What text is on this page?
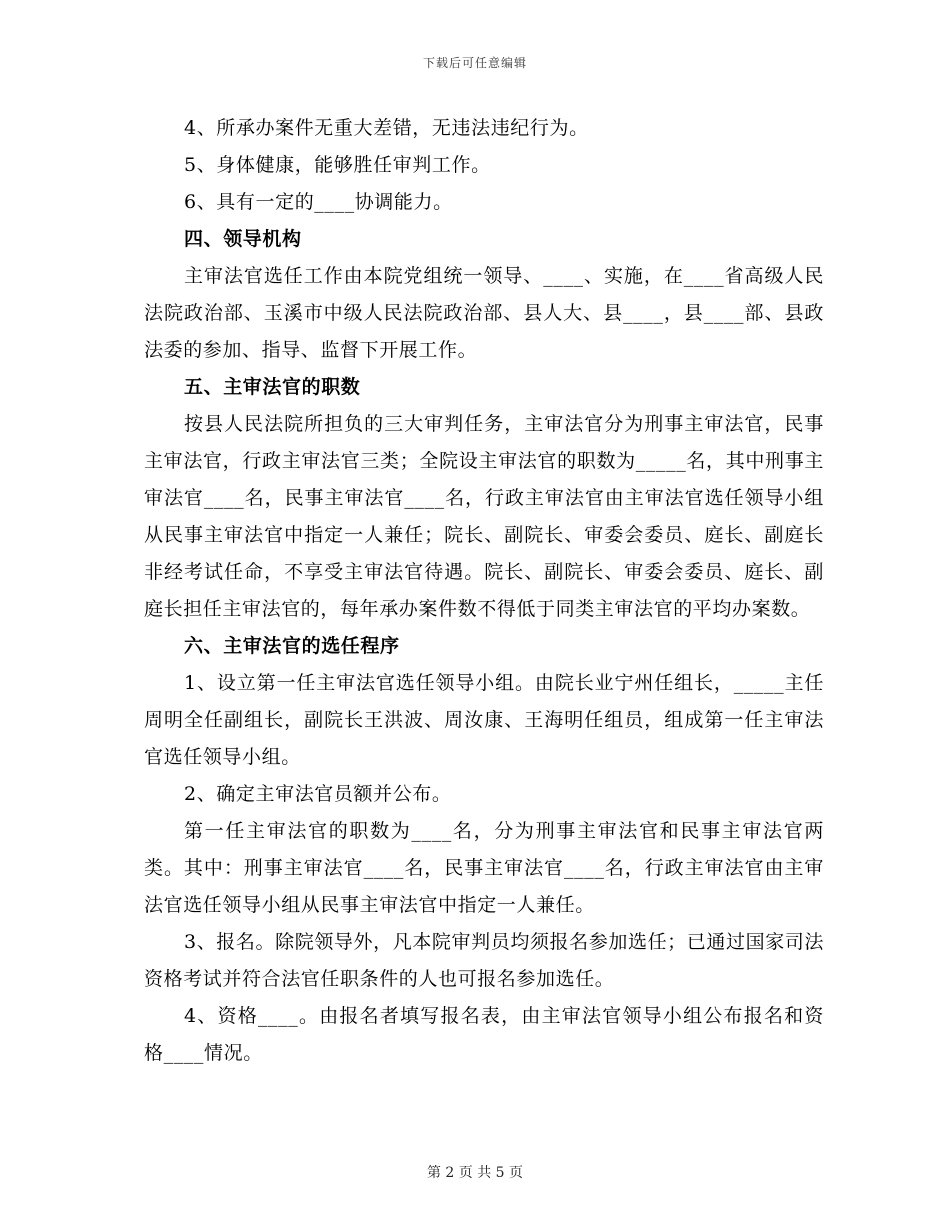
下载后可任意编辑

4、所承办案件无重大差错，无违法违纪行为。

5、身体健康，能够胜任审判工作。

6、具有一定的____协调能力。

四、领导机构

主审法官选任工作由本院党组统一领导、____、实施，在____省高级人民法院政治部、玉溪市中级人民法院政治部、县人大、县____，县____部、县政法委的参加、指导、监督下开展工作。

五、主审法官的职数

按县人民法院所担负的三大审判任务，主审法官分为刑事主审法官，民事主审法官，行政主审法官三类；全院设主审法官的职数为_____名，其中刑事主审法官____名，民事主审法官____名，行政主审法官由主审法官选任领导小组从民事主审法官中指定一人兼任；院长、副院长、审委会委员、庭长、副庭长非经考试任命，不享受主审法官待遇。院长、副院长、审委会委员、庭长、副庭长担任主审法官的，每年承办案件数不得低于同类主审法官的平均办案数。

六、主审法官的选任程序

1、设立第一任主审法官选任领导小组。由院长业宁州任组长，_____主任周明全任副组长，副院长王洪波、周汝康、王海明任组员，组成第一任主审法官选任领导小组。

2、确定主审法官员额并公布。

第一任主审法官的职数为____名，分为刑事主审法官和民事主审法官两类。其中：刑事主审法官____名，民事主审法官____名，行政主审法官由主审法官选任领导小组从民事主审法官中指定一人兼任。

3、报名。除院领导外，凡本院审判员均须报名参加选任；已通过国家司法资格考试并符合法官任职条件的人也可报名参加选任。

4、资格____。由报名者填写报名表，由主审法官领导小组公布报名和资格____情况。

第 2 页 共 5 页
